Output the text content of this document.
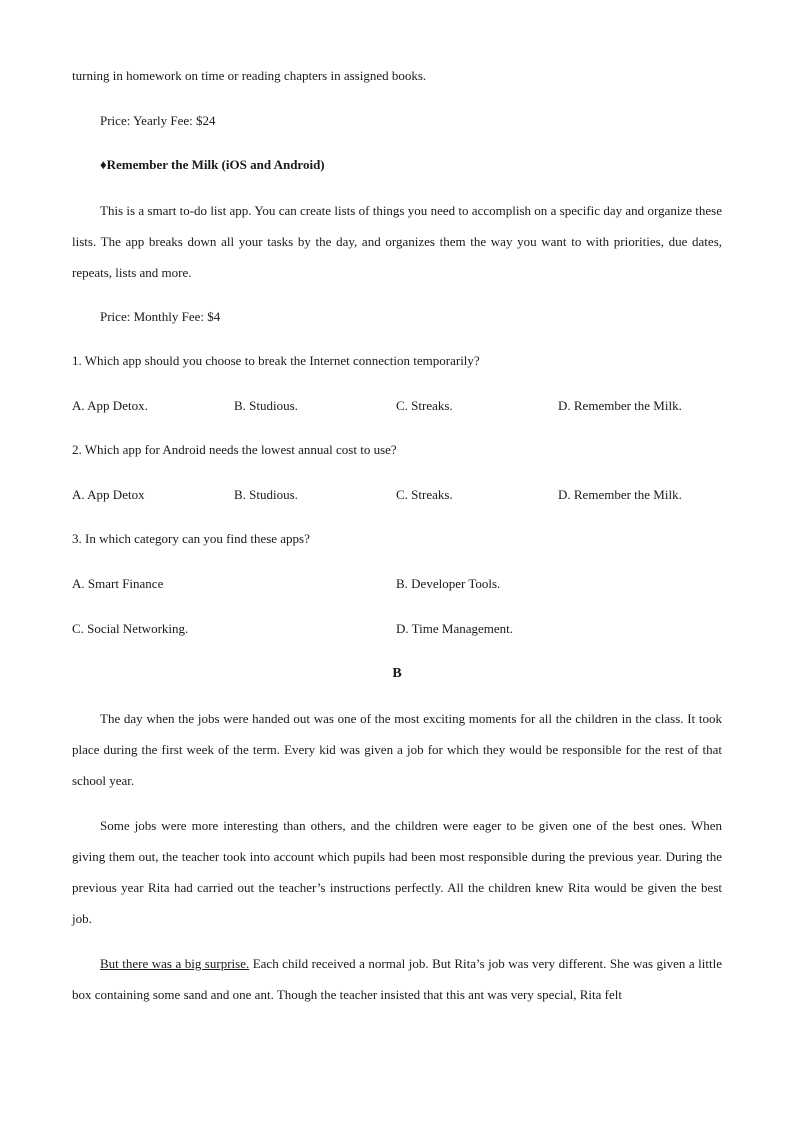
turning in homework on time or reading chapters in assigned books.
Price: Yearly Fee: $24
♦Remember the Milk (iOS and Android)
This is a smart to-do list app. You can create lists of things you need to accomplish on a specific day and organize these lists. The app breaks down all your tasks by the day, and organizes them the way you want to with priorities, due dates, repeats, lists and more.
Price: Monthly Fee: $4
1. Which app should you choose to break the Internet connection temporarily?
A. App Detox.	B. Studious.	C. Streaks.	D. Remember the Milk.
2. Which app for Android needs the lowest annual cost to use?
A. App Detox	B. Studious.	C. Streaks.	D. Remember the Milk.
3. In which category can you find these apps?
A. Smart Finance	B. Developer Tools.
C. Social Networking.	D. Time Management.
B
The day when the jobs were handed out was one of the most exciting moments for all the children in the class. It took place during the first week of the term. Every kid was given a job for which they would be responsible for the rest of that school year.
Some jobs were more interesting than others, and the children were eager to be given one of the best ones. When giving them out, the teacher took into account which pupils had been most responsible during the previous year. During the previous year Rita had carried out the teacher’s instructions perfectly. All the children knew Rita would be given the best job.
But there was a big surprise. Each child received a normal job. But Rita’s job was very different. She was given a little box containing some sand and one ant. Though the teacher insisted that this ant was very special, Rita felt
